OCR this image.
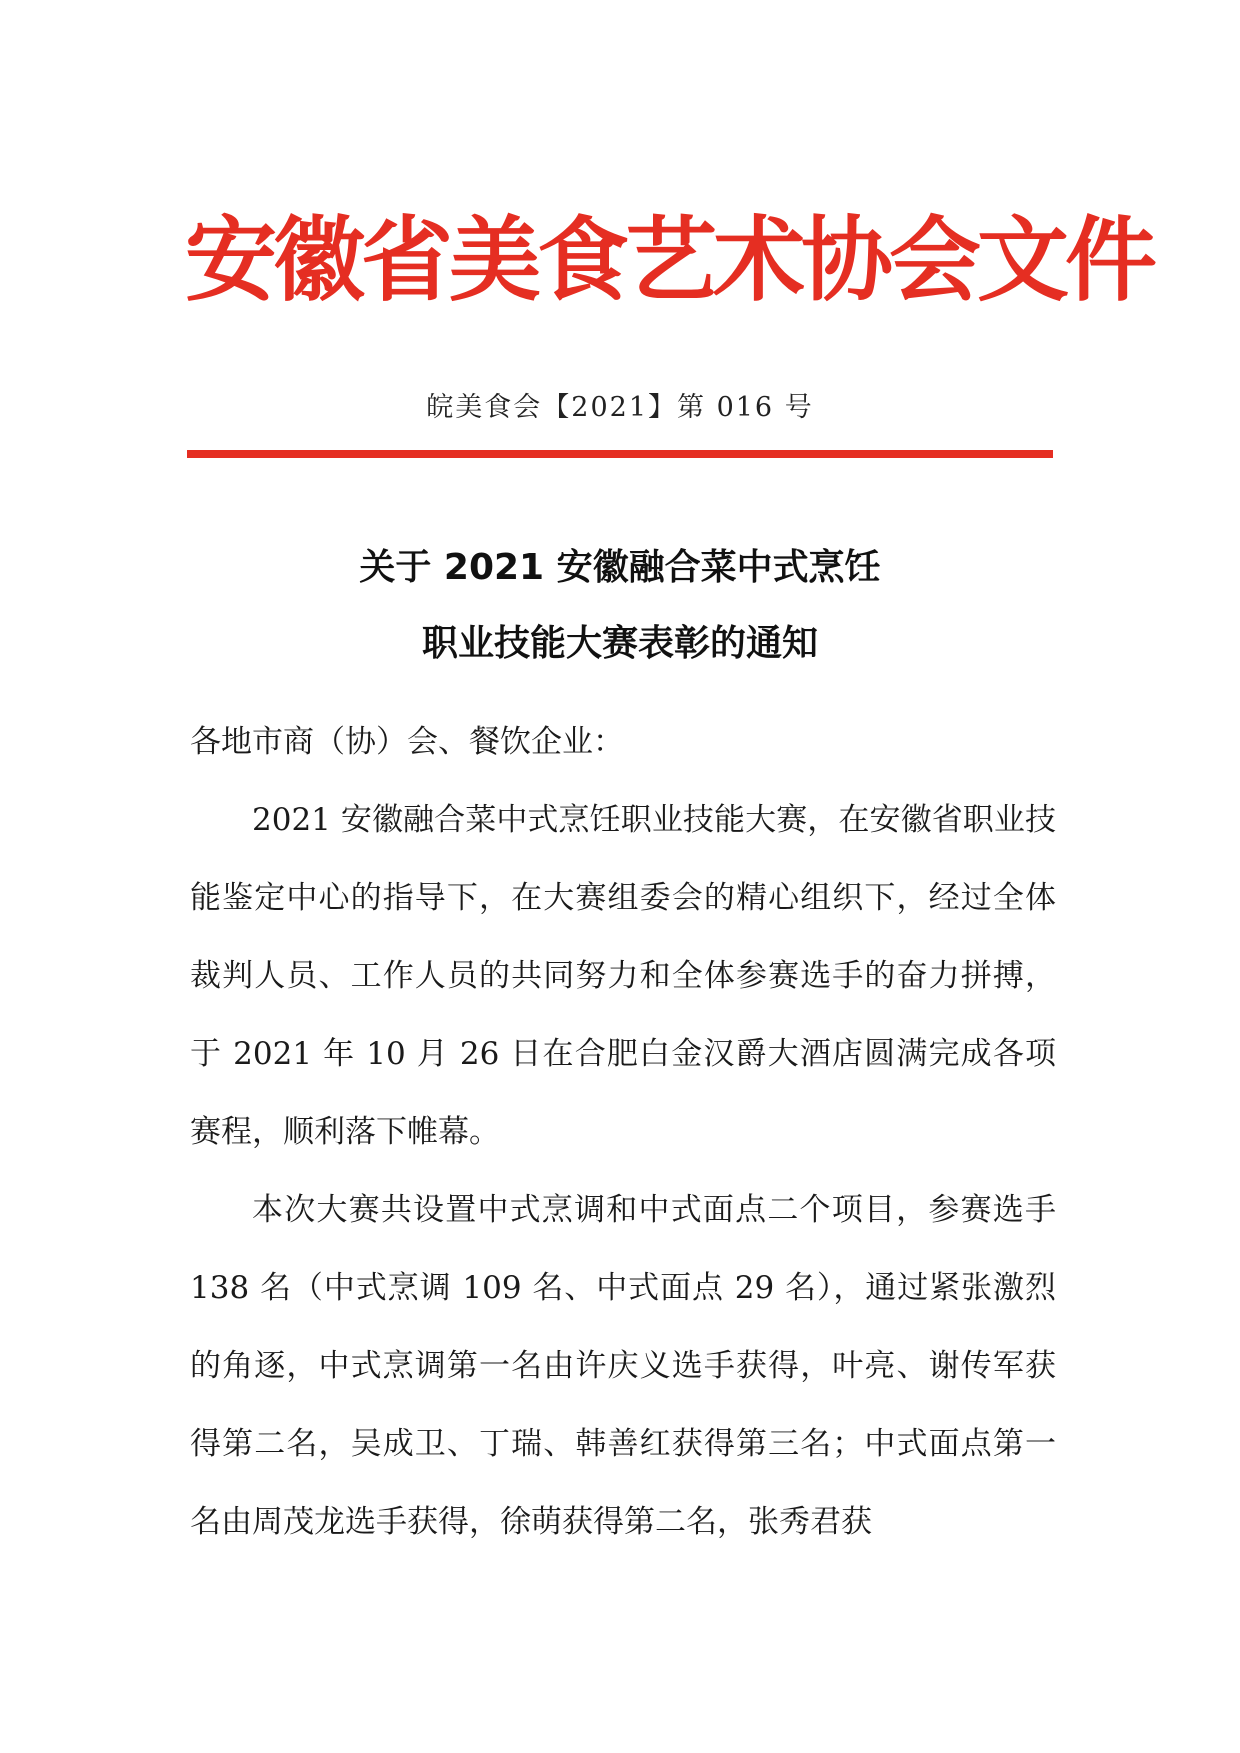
安徽省美食艺术协会文件
皖美食会【2021】第 016 号
关于 2021 安徽融合菜中式烹饪
职业技能大赛表彰的通知

各地市商（协）会、餐饮企业：

2021 安徽融合菜中式烹饪职业技能大赛，在安徽省职业技能鉴定中心的指导下，在大赛组委会的精心组织下，经过全体裁判人员、工作人员的共同努力和全体参赛选手的奋力拼搏，于 2021 年 10 月 26 日在合肥白金汉爵大酒店圆满完成各项赛程，顺利落下帷幕。

本次大赛共设置中式烹调和中式面点二个项目，参赛选手 138 名（中式烹调 109 名、中式面点 29 名），通过紧张激烈的角逐，中式烹调第一名由许庆义选手获得，叶亮、谢传军获得第二名，吴成卫、丁瑞、韩善红获得第三名；中式面点第一名由周茂龙选手获得，徐萌获得第二名，张秀君获
